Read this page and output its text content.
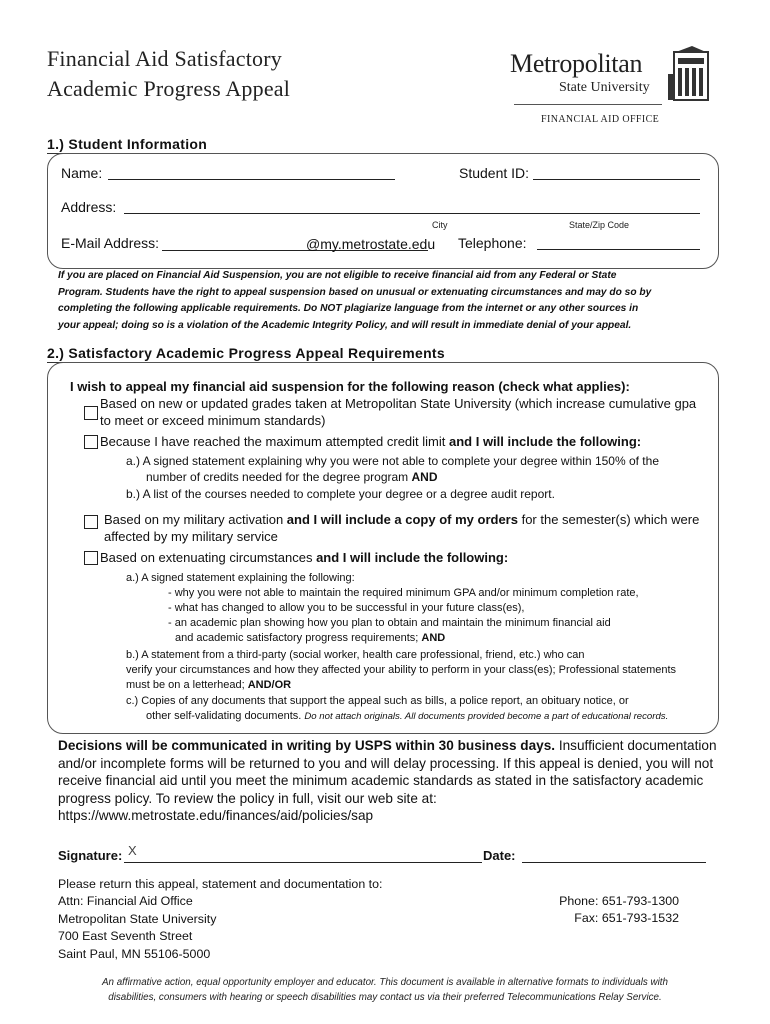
Financial Aid Satisfactory
Academic Progress Appeal
Metropolitan
State University
FINANCIAL AID OFFICE
1.) Student Information
Name:	Student ID:
Address:
City	State/Zip Code
E-Mail Address:	@my.metrostate.edu Telephone:
If you are placed on Financial Aid Suspension, you are not eligible to receive financial aid from any Federal or State
Program. Students have the right to appeal suspension based on unusual or extenuating circumstances and may do so by
completing the following applicable requirements. Do NOT plagiarize language from the internet or any other sources in
your appeal; doing so is a violation of the Academic Integrity Policy, and will result in immediate denial of your appeal.
2.) Satisfactory Academic Progress Appeal Requirements
I wish to appeal my financial aid suspension for the following reason (check what applies):
Based on new or updated grades taken at Metropolitan State University (which increase cumulative gpa
to meet or exceed minimum standards)
Because I have reached the maximum attempted credit limit and I will include the following:
a.) A signed statement explaining why you were not able to complete your degree within 150% of the
number of credits needed for the degree program AND
b.) A list of the courses needed to complete your degree or a degree audit report.
Based on my military activation and I will include a copy of my orders for the semester(s) which were
affected by my military service
Based on extenuating circumstances and I will include the following:
a.) A signed statement explaining the following:
- why you were not able to maintain the required minimum GPA and/or minimum completion rate,
- what has changed to allow you to be successful in your future class(es),
- an academic plan showing how you plan to obtain and maintain the minimum financial aid
and academic satisfactory progress requirements; AND
b.) A statement from a third-party (social worker, health care professional, friend, etc.) who can
verify your circumstances and how they affected your ability to perform in your class(es); Professional statements
must be on a letterhead; AND/OR
c.) Copies of any documents that support the appeal such as bills, a police report, an obituary notice, or
other self-validating documents. Do not attach originals. All documents provided become a part of educational records.
Decisions will be communicated in writing by USPS within 30 business days. Insufficient documentation
and/or incomplete forms will be returned to you and will delay processing. If this appeal is denied, you will not
receive financial aid until you meet the minimum academic standards as stated in the satisfactory academic
progress policy. To review the policy in full, visit our web site at:
https://www.metrostate.edu/finances/aid/policies/sap
Signature: X	Date:
Please return this appeal, statement and documentation to:
Attn: Financial Aid Office
Metropolitan State University
700 East Seventh Street
Saint Paul, MN 55106-5000
Phone: 651-793-1300
Fax: 651-793-1532
An affirmative action, equal opportunity employer and educator. This document is available in alternative formats to individuals with
disabilities, consumers with hearing or speech disabilities may contact us via their preferred Telecommunications Relay Service.
